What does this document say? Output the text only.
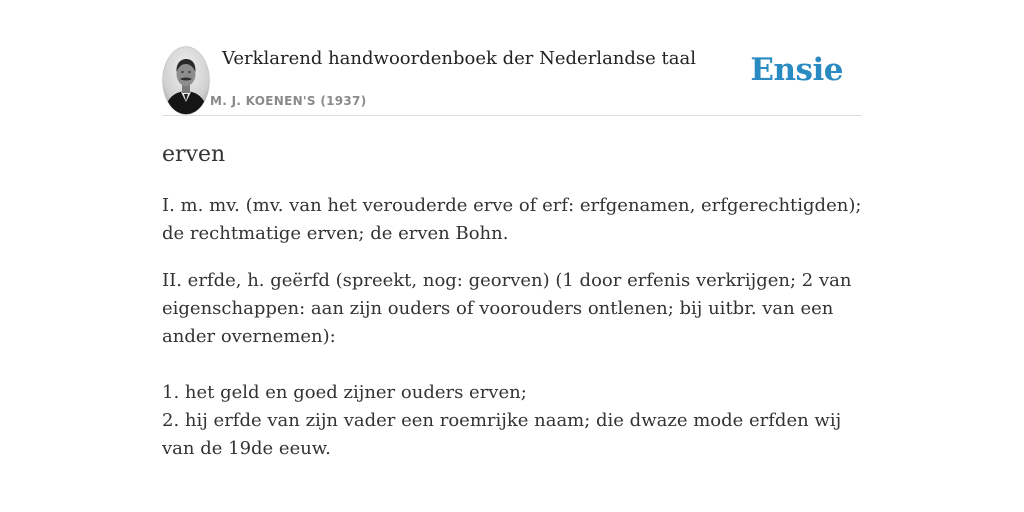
Verklarend handwoordenboek der Nederlandse taal
M. J. KOENEN'S (1937)
Ensie
erven

I. m. mv. (mv. van het verouderde erve of erf: erfgenamen, erfgerechtigden); de rechtmatige erven; de erven Bohn.

II. erfde, h. geërfd (spreekt, nog: georven) (1 door erfenis verkrijgen; 2 van eigenschappen: aan zijn ouders of voorouders ontlenen; bij uitbr. van een ander overnemen):

1. het geld en goed zijner ouders erven;
2. hij erfde van zijn vader een roemrijke naam; die dwaze mode erfden wij van de 19de eeuw.
